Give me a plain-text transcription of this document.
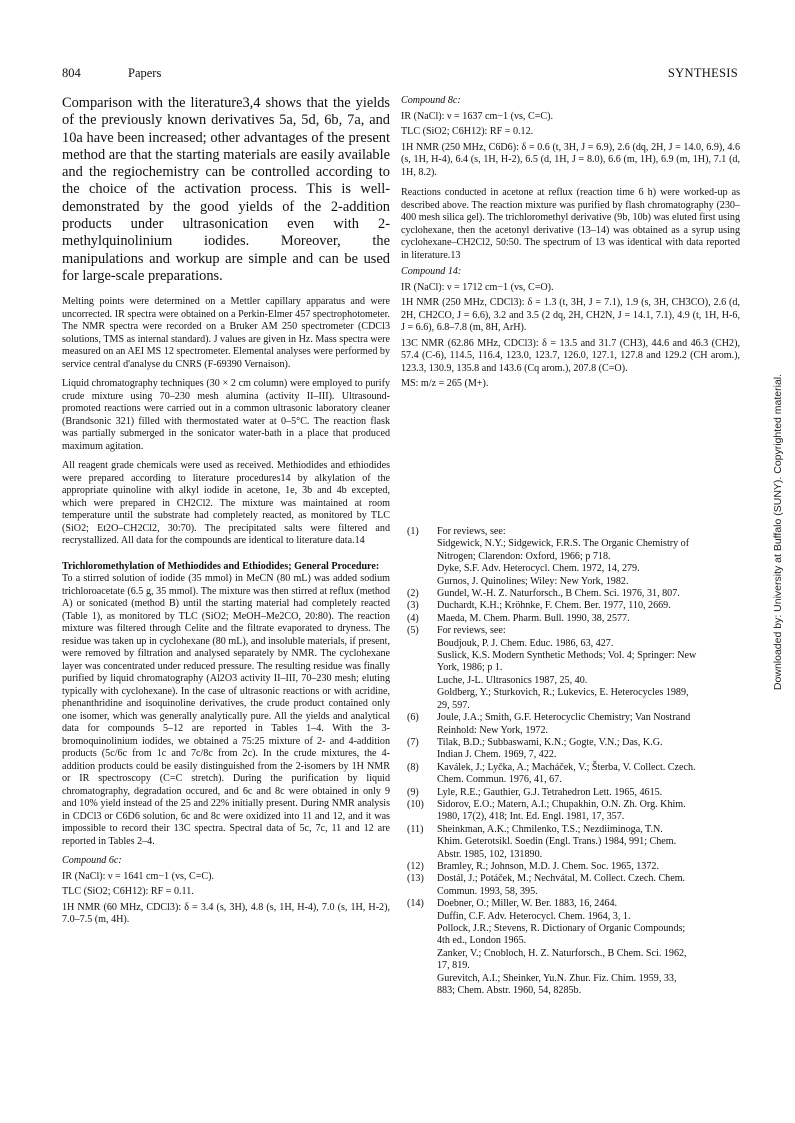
804	Papers	SYNTHESIS

Comparison with the literature3,4 shows that the yields of the previously known derivatives 5a, 5d, 6b, 7a, and 10a have been increased; other advantages of the present method are that the starting materials are easily available and the regiochemistry can be controlled according to the choice of the activation process. This is well-demonstrated by the good yields of the 2-addition products under ultrasonication even with 2-methylquinolinium iodides. Moreover, the manipulations and workup are simple and can be used for large-scale preparations.

Melting points were determined on a Mettler capillary apparatus and were uncorrected. IR spectra were obtained on a Perkin-Elmer 457 spectrophotometer. The NMR spectra were recorded on a Bruker AM 250 spectrometer (CDCl3 solutions, TMS as internal standard). J values are given in Hz. Mass spectra were measured on an AEI MS 12 spectrometer. Elemental analyses were performed by service central d'analyse du CNRS (F-69390 Vernaison).

Liquid chromatography techniques (30 × 2 cm column) were employed to purify crude mixture using 70–230 mesh alumina (activity II–III). Ultrasound-promoted reactions were carried out in a common ultrasonic laboratory cleaner (Brandsonic 321) filled with thermostated water at 0–5°C. The reaction flask was partially submerged in the sonicator water-bath in a place that produced maximum agitation.

All reagent grade chemicals were used as received. Methiodides and ethiodides were prepared according to literature procedures14 by alkylation of the appropriate quinoline with alkyl iodide in acetone, 1e, 3b and 4b excepted, which were prepared in CH2Cl2. The mixture was maintained at room temperature until the substrate had completely reacted, as monitored by TLC (SiO2; Et2O–CH2Cl2, 30:70). The precipitated salts were filtered and recrystallized. All data for the compounds are identical to literature data.14

Trichloromethylation of Methiodides and Ethiodides; General Procedure:

To a stirred solution of iodide (35 mmol) in MeCN (80 mL) was added sodium trichloroacetate (6.5 g, 35 mmol). The mixture was then stirred at reflux (method A) or sonicated (method B) until the starting material had completely reacted (Table 1), as monitored by TLC (SiO2; MeOH–Me2CO, 20:80). The reaction mixture was filtered through Celite and the filtrate evaporated to dryness. The residue was taken up in cyclohexane (80 mL), and insoluble materials, if present, were removed by filtration and analysed separately by NMR. The cyclohexane layer was concentrated under reduced pressure. The resulting residue was finally purified by liquid chromatography (Al2O3 activity II–III, 70–230 mesh; eluting typically with cyclohexane). In the case of ultrasonic reactions or with acridine, phenanthridine and isoquinoline derivatives, the crude product contained only one isomer, which was generally analytically pure. All the yields and analytical data for compounds 5–12 are reported in Tables 1–4. With the 3-bromoquinolinium iodides, we obtained a 75:25 mixture of 2- and 4-addition products (5c/6c from 1c and 7c/8c from 2c). In the crude mixtures, the 4-addition products could be easily distinguished from the 2-isomers by 1H NMR or IR spectroscopy (C=C stretch). During the purification by liquid chromatography, degradation occured, and 6c and 8c were obtained in only 9 and 10% yield instead of the 25 and 22% initially present. During NMR analysis in CDCl3 or C6D6 solution, 6c and 8c were oxidized into 11 and 12, and it was impossible to record their 13C spectra. Spectral data of 5c, 7c, 11 and 12 are reported in Tables 2–4.

Compound 6c:

IR (NaCl): ν = 1641 cm−1 (vs, C=C).

TLC (SiO2; C6H12): RF = 0.11.

1H NMR (60 MHz, CDCl3): δ = 3.4 (s, 3H), 4.8 (s, 1H, H-4), 7.0 (s, 1H, H-2), 7.0–7.5 (m, 4H).

Compound 8c:

IR (NaCl): ν = 1637 cm−1 (vs, C=C).

TLC (SiO2; C6H12): RF = 0.12.

1H NMR (250 MHz, C6D6): δ = 0.6 (t, 3H, J = 6.9), 2.6 (dq, 2H, J = 14.0, 6.9), 4.6 (s, 1H, H-4), 6.4 (s, 1H, H-2), 6.5 (d, 1H, J = 8.0), 6.6 (m, 1H), 6.9 (m, 1H), 7.1 (d, 1H, 8.2).

Reactions conducted in acetone at reflux (reaction time 6 h) were worked-up as described above. The reaction mixture was purified by flash chromatography (230–400 mesh silica gel). The trichloromethyl derivative (9b, 10b) was eluted first using cyclohexane, then the acetonyl derivative (13–14) was obtained as a syrup using cyclohexane–CH2Cl2, 50:50. The spectrum of 13 was identical with data reported in literature.13

Compound 14:

IR (NaCl): ν = 1712 cm−1 (vs, C=O).

1H NMR (250 MHz, CDCl3): δ = 1.3 (t, 3H, J = 7.1), 1.9 (s, 3H, CH3CO), 2.6 (d, 2H, CH2CO, J = 6.6), 3.2 and 3.5 (2 dq, 2H, CH2N, J = 14.1, 7.1), 4.9 (t, 1H, H-6, J = 6.6), 6.8–7.8 (m, 8H, ArH).

13C NMR (62.86 MHz, CDCl3): δ = 13.5 and 31.7 (CH3), 44.6 and 46.3 (CH2), 57.4 (C-6), 114.5, 116.4, 123.0, 123.7, 126.0, 127.1, 127.8 and 129.2 (CH arom.), 123.3, 130.9, 135.8 and 143.6 (Cq arom.), 207.8 (C=O).

MS: m/z = 265 (M+).

(1) For reviews, see:
Sidgewick, N.Y.; Sidgewick, F.R.S. The Organic Chemistry of
Nitrogen; Clarendon: Oxford, 1966; p 718.
Dyke, S.F. Adv. Heterocycl. Chem. 1972, 14, 279.
Gurnos, J. Quinolines; Wiley: New York, 1982.
(2) Gundel, W.-H. Z. Naturforsch., B Chem. Sci. 1976, 31, 807.
(3) Duchardt, K.H.; Kröhnke, F. Chem. Ber. 1977, 110, 2669.
(4) Maeda, M. Chem. Pharm. Bull. 1990, 38, 2577.
(5) For reviews, see:
Boudjouk, P. J. Chem. Educ. 1986, 63, 427.
Suslick, K.S. Modern Synthetic Methods; Vol. 4; Springer: New
York, 1986; p 1.
Luche, J-L. Ultrasonics 1987, 25, 40.
Goldberg, Y.; Sturkovich, R.; Lukevics, E. Heterocycles 1989,
29, 597.
(6) Joule, J.A.; Smith, G.F. Heterocyclic Chemistry; Van Nostrand
Reinhold: New York, 1972.
(7) Tilak, B.D.; Subbaswami, K.N.; Gogte, V.N.; Das, K.G.
Indian J. Chem. 1969, 7, 422.
(8) Kaválek, J.; Lyčka, A.; Macháček, V.; Šterba, V. Collect. Czech.
Chem. Commun. 1976, 41, 67.
(9) Lyle, R.E.; Gauthier, G.J. Tetrahedron Lett. 1965, 4615.
(10) Sidorov, E.O.; Matern, A.I.; Chupakhin, O.N. Zh. Org. Khim.
1980, 17(2), 418; Int. Ed. Engl. 1981, 17, 357.
(11) Sheinkman, A.K.; Chmilenko, T.S.; Nezdiiminoga, T.N.
Khim. Geterotsikl. Soedin (Engl. Trans.) 1984, 991; Chem.
Abstr. 1985, 102, 131890.
(12) Bramley, R.; Johnson, M.D. J. Chem. Soc. 1965, 1372.
(13) Dostál, J.; Potáček, M.; Nechvátal, M. Collect. Czech. Chem.
Commun. 1993, 58, 395.
(14) Doebner, O.; Miller, W. Ber. 1883, 16, 2464.
Duffin, C.F. Adv. Heterocycl. Chem. 1964, 3, 1.
Pollock, J.R.; Stevens, R. Dictionary of Organic Compounds;
4th ed., London 1965.
Zanker, V.; Cnobloch, H. Z. Naturforsch., B Chem. Sci. 1962,
17, 819.
Gurevitch, A.I.; Sheinker, Yu.N. Zhur. Fiz. Chim. 1959, 33,
883; Chem. Abstr. 1960, 54, 8285b.
Downloaded by: University at Buffalo (SUNY). Copyrighted material.
